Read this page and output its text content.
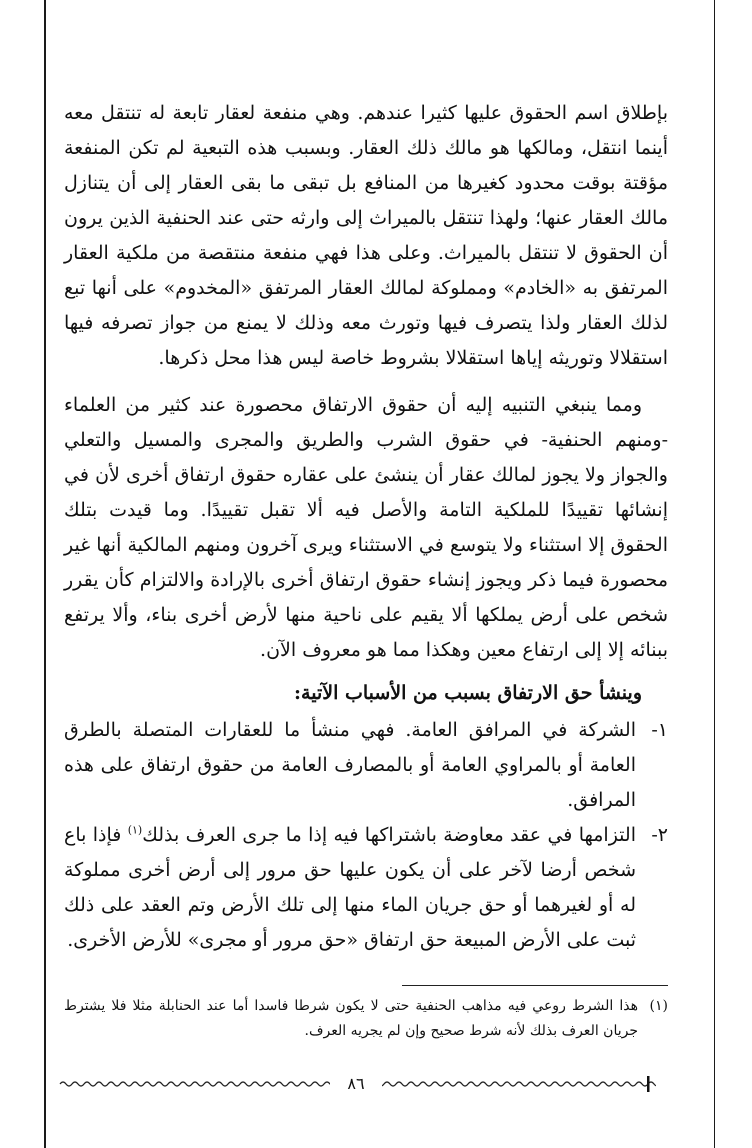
بإطلاق اسم الحقوق عليها كثيرا عندهم. وهي منفعة لعقار تابعة له تنتقل معه أينما انتقل، ومالكها هو مالك ذلك العقار. وبسبب هذه التبعية لم تكن المنفعة مؤقتة بوقت محدود كغيرها من المنافع بل تبقى ما بقى العقار إلى أن يتنازل مالك العقار عنها؛ ولهذا تنتقل بالميراث إلى وارثه حتى عند الحنفية الذين يرون أن الحقوق لا تنتقل بالميراث. وعلى هذا فهي منفعة منتقصة من ملكية العقار المرتفق به «الخادم» ومملوكة لمالك العقار المرتفق «المخدوم» على أنها تبع لذلك العقار ولذا يتصرف فيها وتورث معه وذلك لا يمنع من جواز تصرفه فيها استقلالا وتوريثه إياها استقلالا بشروط خاصة ليس هذا محل ذكرها.

ومما ينبغي التنبيه إليه أن حقوق الارتفاق محصورة عند كثير من العلماء -ومنهم الحنفية- في حقوق الشرب والطريق والمجرى والمسيل والتعلي والجواز ولا يجوز لمالك عقار أن ينشئ على عقاره حقوق ارتفاق أخرى لأن في إنشائها تقييدًا للملكية التامة والأصل فيه ألا تقبل تقييدًا. وما قيدت بتلك الحقوق إلا استثناء ولا يتوسع في الاستثناء ويرى آخرون ومنهم المالكية أنها غير محصورة فيما ذكر ويجوز إنشاء حقوق ارتفاق أخرى بالإرادة والالتزام كأن يقرر شخص على أرض يملكها ألا يقيم على ناحية منها لأرض أخرى بناء، وألا يرتفع ببنائه إلا إلى ارتفاع معين وهكذا مما هو معروف الآن.

وينشأ حق الارتفاق بسبب من الأسباب الآتية:

١-
الشركة في المرافق العامة. فهي منشأ ما للعقارات المتصلة بالطرق العامة أو بالمراوي العامة أو بالمصارف العامة من حقوق ارتفاق على هذه المرافق.
٢-
التزامها في عقد معاوضة باشتراكها فيه إذا ما جرى العرف بذلك$^{(١)}$ فإذا باع شخص أرضا لآخر على أن يكون عليها حق مرور إلى أرض أخرى مملوكة له أو لغيرهما أو حق جريان الماء منها إلى تلك الأرض وتم العقد على ذلك ثبت على الأرض المبيعة حق ارتفاق «حق مرور أو مجرى» للأرض الأخرى.
(١)
هذا الشرط روعي فيه مذاهب الحنفية حتى لا يكون شرطا فاسدا أما عند الحنابلة مثلا فلا يشترط جريان العرف بذلك لأنه شرط صحيح وإن لم يجريه العرف.
٨٦
